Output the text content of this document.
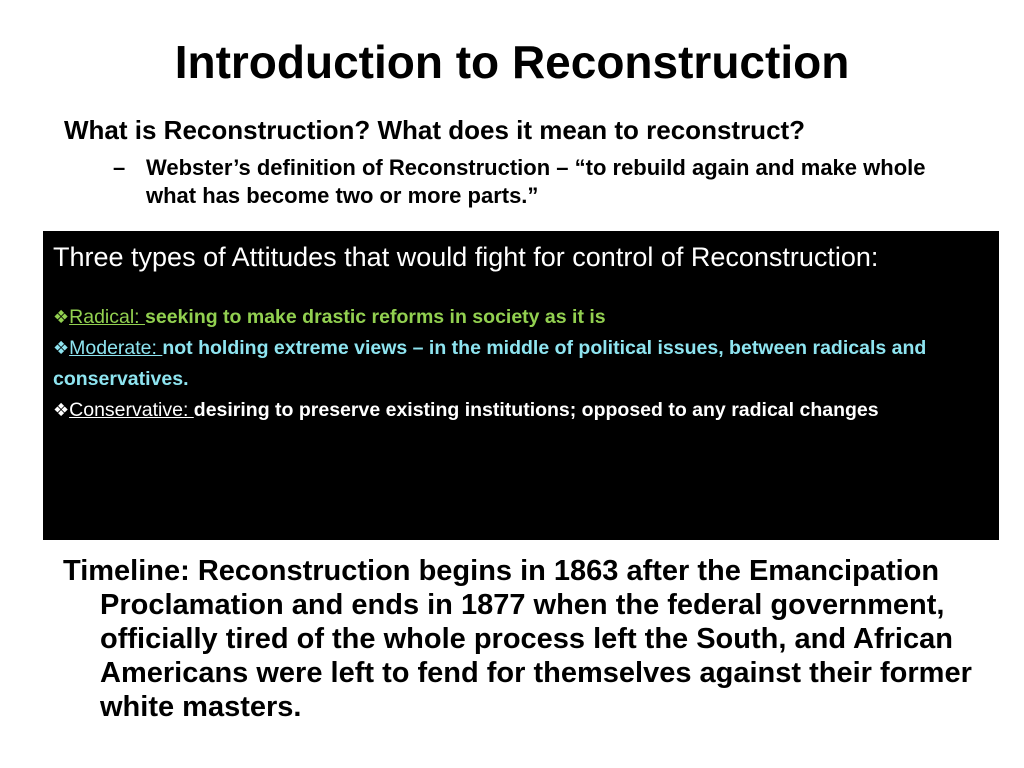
Introduction to Reconstruction
What is Reconstruction? What does it mean to reconstruct?
– Webster’s definition of Reconstruction – “to rebuild again and make whole what has become two or more parts.”
Three types of Attitudes that would fight for control of Reconstruction:
❖Radical: seeking to make drastic reforms in society as it is
❖Moderate: not holding extreme views – in the middle of political issues, between radicals and conservatives.
❖Conservative: desiring to preserve existing institutions; opposed to any radical changes
Timeline: Reconstruction begins in 1863 after the Emancipation Proclamation and ends in 1877 when the federal government, officially tired of the whole process left the South, and African Americans were left to fend for themselves against their former white masters.
